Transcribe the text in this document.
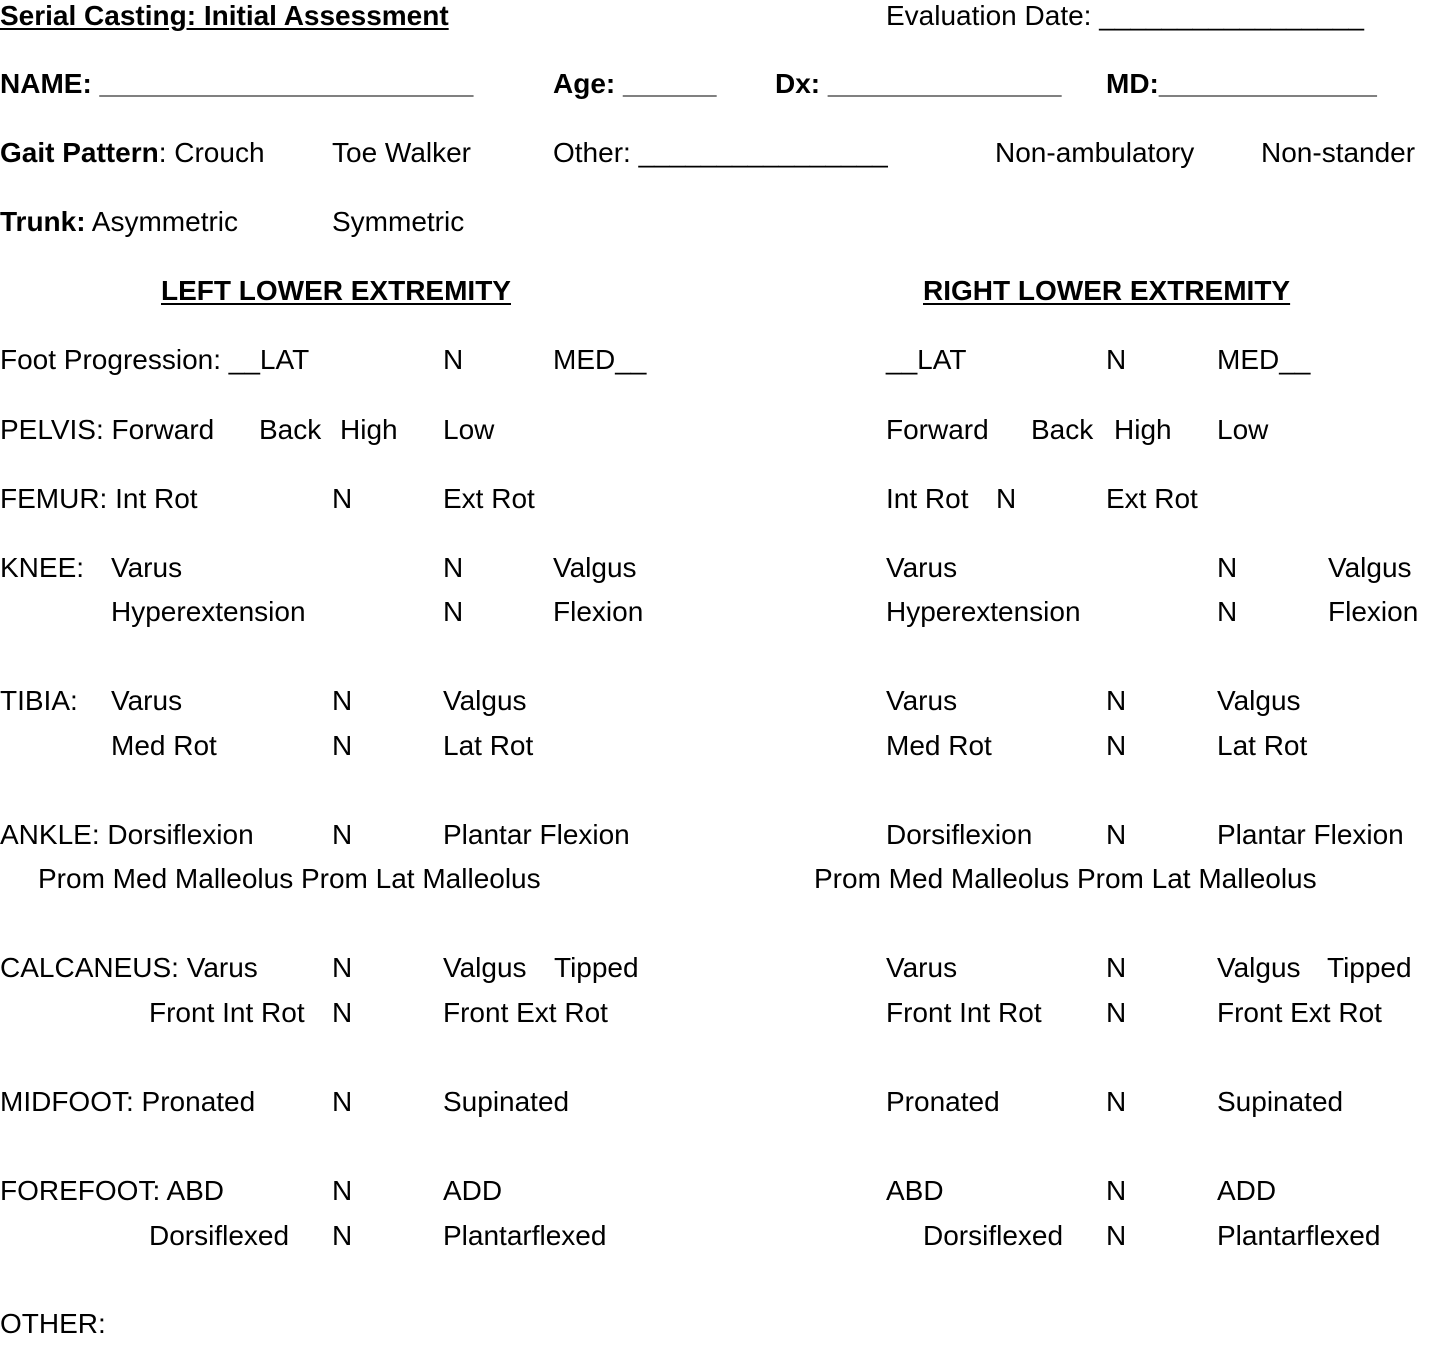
Serial Casting: Initial Assessment	Evaluation Date: _________________
NAME: ________________________	Age: ______ Dx: _______________ MD:______________
Gait Pattern: Crouch Toe Walker	Other: ________________	Non-ambulatory Non-stander
Trunk: Asymmetric	Symmetric
LEFT LOWER EXTREMITY	RIGHT LOWER EXTREMITY
Foot Progression: __LAT	N	MED__	__LAT	N	MED__
PELVIS: Forward Back High Low	Forward Back High Low
FEMUR: Int Rot	N	Ext Rot	Int Rot N	Ext Rot
KNEE: Varus	N	Valgus	Varus	N	Valgus
Hyperextension	N	Flexion	Hyperextension	N	Flexion
TIBIA: Varus	N	Valgus	Varus	N	Valgus
Med Rot	N	Lat Rot	Med Rot	N	Lat Rot
ANKLE: Dorsiflexion	N	Plantar Flexion	Dorsiflexion	N	Plantar Flexion
Prom Med Malleolus Prom Lat Malleolus	Prom Med Malleolus Prom Lat Malleolus
CALCANEUS: Varus	N	Valgus Tipped	Varus	N	Valgus Tipped
Front Int Rot N	Front Ext Rot	Front Int Rot N	Front Ext Rot
MIDFOOT: Pronated	N	Supinated	Pronated	N	Supinated
FOREFOOT: ABD	N	ADD	ABD	N	ADD
Dorsiflexed N	Plantarflexed	Dorsiflexed N	Plantarflexed
OTHER:
